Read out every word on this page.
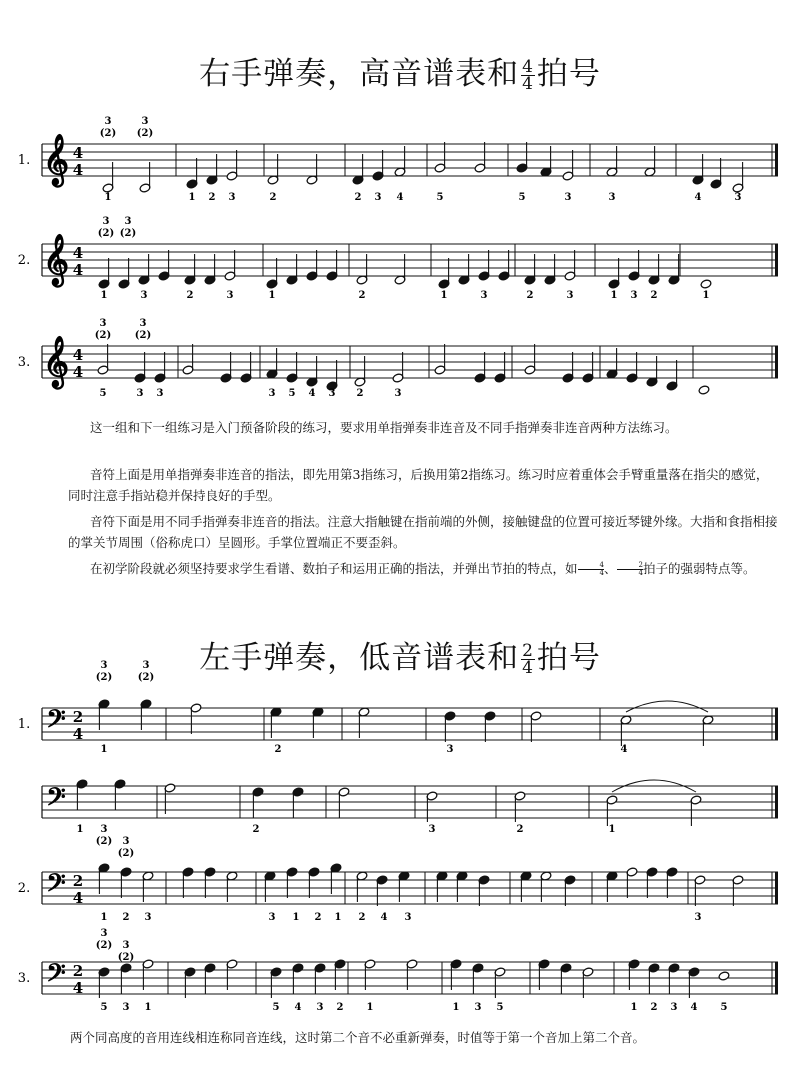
右手弹奏，高音谱表和 $\frac{4}{4}$ 拍号
左手弹奏，低音谱表和 $\frac{2}{4}$ 拍号
1. 𝄞 4
4
3
(2)
3
(2)
1	1 2 3	2	2 3 4	5	5	3	3	4	3
2. 𝄞 4
4
3
(2)
3
(2)
1	3	2	3	1	2	1	3	2	3	1 3 2	1
3. 𝄞 4
4
3
(2)
3
(2)
5	3 3	3 5 4 3 2	3
1. 𝄢 2
4
3
(2)
3
(2)
1	2	3	4
𝄢
1	2	3	2	1
2. 𝄢 2
4
3
(2) 3
(2)
1 2 3	3 1 2 1 2 4 3	3
3. 𝄢 2
4
3
(2) 3
(2)
5 3 1	5 4 3 2 1	1 3 5	1 2 3 4 5

这一组和下一组练习是入门预备阶段的练习，要求用单指弹奏非连音及不同手指弹奏非连音两种方法练习。

音符上面是用单指弹奏非连音的指法，即先用第3指练习，后换用第2指练习。练习时应着重体会手臂重量落在指尖的感觉，同时注意手指站稳并保持良好的手型。

音符下面是用不同手指弹奏非连音的指法。注意大指触键在指前端的外侧，接触键盘的位置可接近琴键外缘。大指和食指相接的掌关节周围（俗称虎口）呈圆形。手掌位置端正不要歪斜。

在初学阶段就必须坚持要求学生看谱、数拍子和运用正确的指法，并弹出节拍的特点，如 $\frac{4}{4}$ 、 $\frac{2}{4}$ 拍子的强弱特点等。

两个同高度的音用连线相连称同音连线，这时第二个音不必重新弹奏，时值等于第一个音加上第二个音。
